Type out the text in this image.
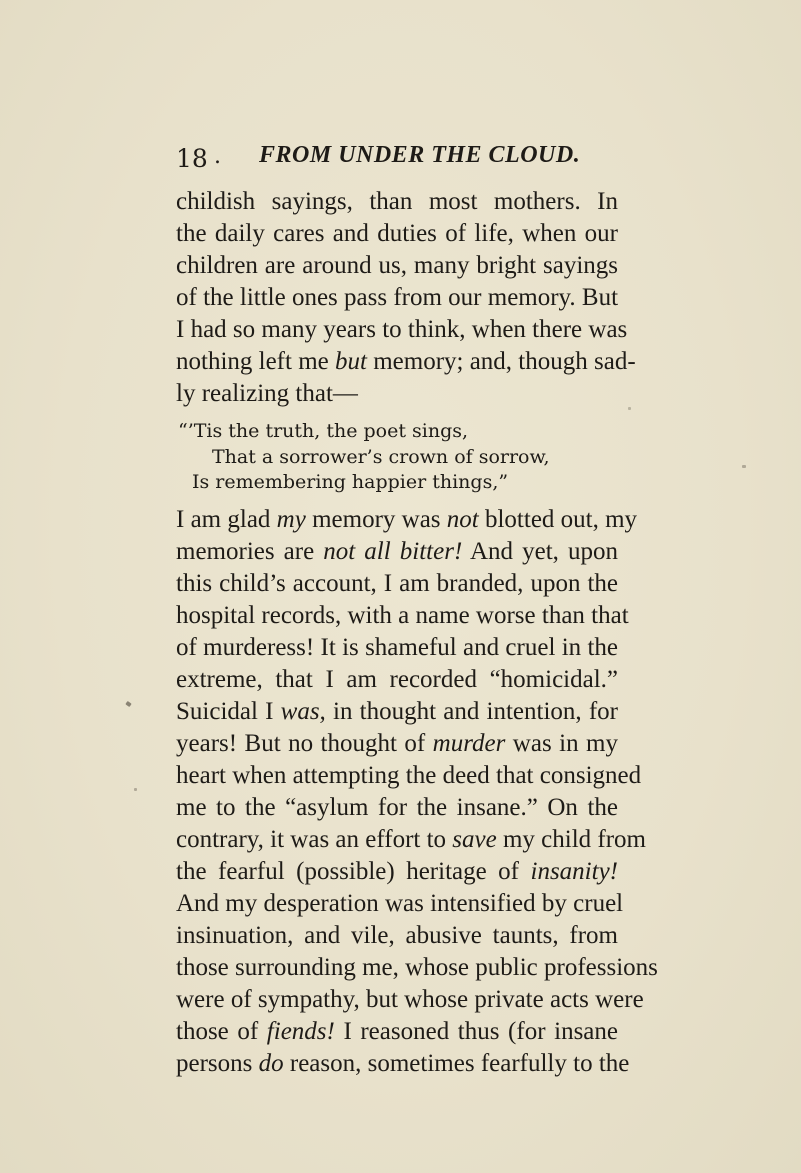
18 . FROM UNDER THE CLOUD.
childish sayings, than most mothers. In
the daily cares and duties of life, when our
children are around us, many bright sayings
of the little ones pass from our memory. But
I had so many years to think, when there was
nothing left me but memory; and, though sad-
ly realizing that—
“’Tis the truth, the poet sings,
That a sorrower’s crown of sorrow,
Is remembering happier things,”
I am glad my memory was not blotted out, my
memories are not all bitter! And yet, upon
this child’s account, I am branded, upon the
hospital records, with a name worse than that
of murderess! It is shameful and cruel in the
extreme, that I am recorded “homicidal.”
Suicidal I was, in thought and intention, for
years! But no thought of murder was in my
heart when attempting the deed that consigned
me to the “asylum for the insane.” On the
contrary, it was an effort to save my child from
the fearful (possible) heritage of insanity!
And my desperation was intensified by cruel
insinuation, and vile, abusive taunts, from
those surrounding me, whose public professions
were of sympathy, but whose private acts were
those of fiends! I reasoned thus (for insane
persons do reason, sometimes fearfully to the
